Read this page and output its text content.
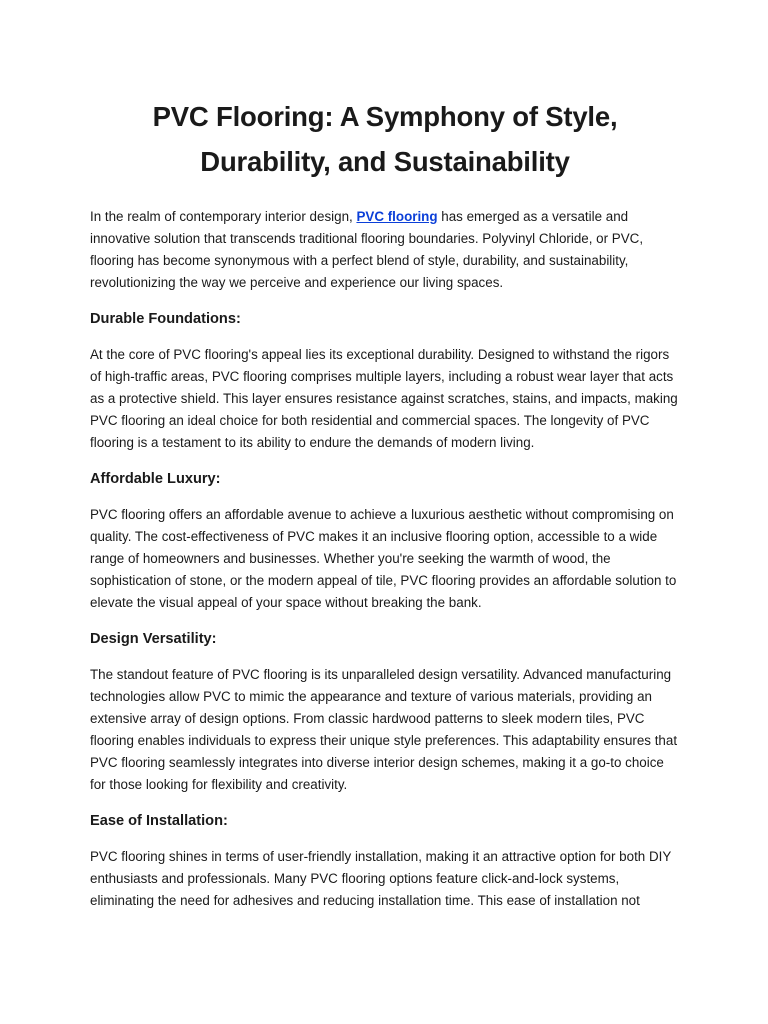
PVC Flooring: A Symphony of Style, Durability, and Sustainability

In the realm of contemporary interior design, PVC flooring has emerged as a versatile and innovative solution that transcends traditional flooring boundaries. Polyvinyl Chloride, or PVC, flooring has become synonymous with a perfect blend of style, durability, and sustainability, revolutionizing the way we perceive and experience our living spaces.

Durable Foundations:

At the core of PVC flooring's appeal lies its exceptional durability. Designed to withstand the rigors of high-traffic areas, PVC flooring comprises multiple layers, including a robust wear layer that acts as a protective shield. This layer ensures resistance against scratches, stains, and impacts, making PVC flooring an ideal choice for both residential and commercial spaces. The longevity of PVC flooring is a testament to its ability to endure the demands of modern living.

Affordable Luxury:

PVC flooring offers an affordable avenue to achieve a luxurious aesthetic without compromising on quality. The cost-effectiveness of PVC makes it an inclusive flooring option, accessible to a wide range of homeowners and businesses. Whether you're seeking the warmth of wood, the sophistication of stone, or the modern appeal of tile, PVC flooring provides an affordable solution to elevate the visual appeal of your space without breaking the bank.

Design Versatility:

The standout feature of PVC flooring is its unparalleled design versatility. Advanced manufacturing technologies allow PVC to mimic the appearance and texture of various materials, providing an extensive array of design options. From classic hardwood patterns to sleek modern tiles, PVC flooring enables individuals to express their unique style preferences. This adaptability ensures that PVC flooring seamlessly integrates into diverse interior design schemes, making it a go-to choice for those looking for flexibility and creativity.

Ease of Installation:

PVC flooring shines in terms of user-friendly installation, making it an attractive option for both DIY enthusiasts and professionals. Many PVC flooring options feature click-and-lock systems, eliminating the need for adhesives and reducing installation time. This ease of installation not
